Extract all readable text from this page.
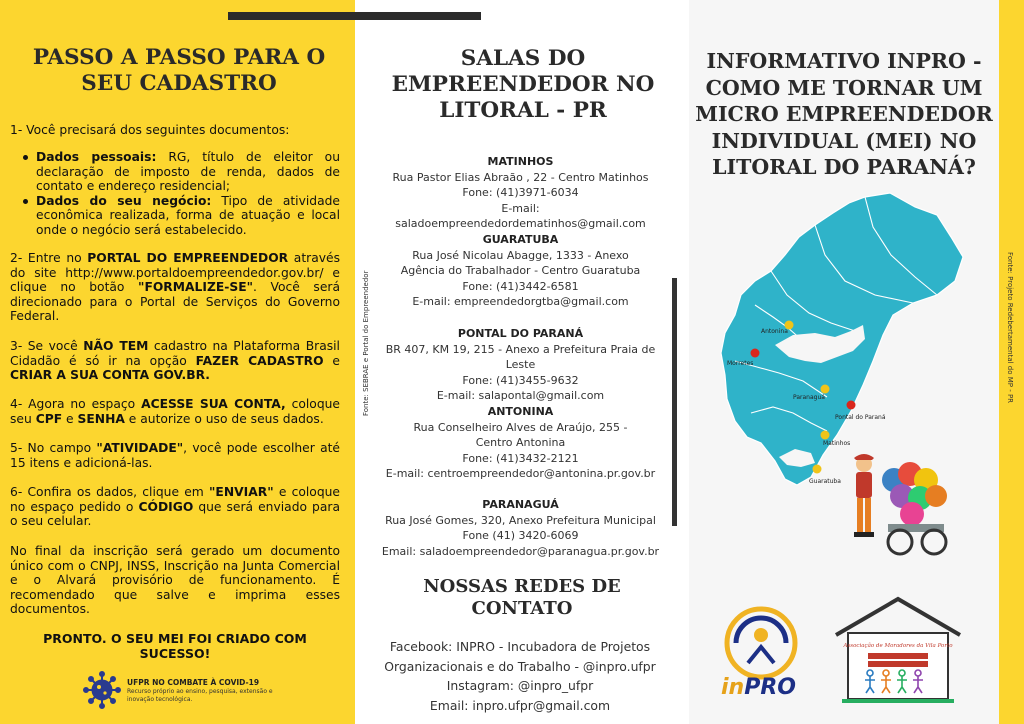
PASSO A PASSO PARA O SEU CADASTRO
1- Você precisará dos seguintes documentos:
Dados pessoais: RG, título de eleitor ou declaração de imposto de renda, dados de contato e endereço residencial;
Dados do seu negócio: Tipo de atividade econômica realizada, forma de atuação e local onde o negócio será estabelecido.
2- Entre no PORTAL DO EMPREENDEDOR através do site http://www.portaldoempreendedor.gov.br/ e clique no botão "FORMALIZE-SE". Você será direcionado para o Portal de Serviços do Governo Federal.
3- Se você NÃO TEM cadastro na Plataforma Brasil Cidadão é só ir na opção FAZER CADASTRO e CRIAR A SUA CONTA GOV.BR.
4- Agora no espaço ACESSE SUA CONTA, coloque seu CPF e SENHA e autorize o uso de seus dados.
5- No campo "ATIVIDADE", você pode escolher até 15 itens e adicioná-las.
6- Confira os dados, clique em "ENVIAR" e coloque no espaço pedido o CÓDIGO que será enviado para o seu celular.
No final da inscrição será gerado um documento único com o CNPJ, INSS, Inscrição na Junta Comercial e o Alvará provisório de funcionamento. É recomendado que salve e imprima esses documentos.
PRONTO. O SEU MEI FOI CRIADO COM SUCESSO!
UFPR NO COMBATE À COVID-19
Recurso próprio ao ensino, pesquisa, extensão e inovação tecnológica.
Fonte: SEBRAE e Portal do Empreendedor	Fonte: Projeto Redebertamental do MP - PR
SALAS DO EMPREENDEDOR NO LITORAL - PR
MATINHOS
Rua Pastor Elias Abraão , 22 - Centro Matinhos
Fone: (41)3971-6034
E-mail: saladoempreendedordematinhos@gmail.com
GUARATUBA
Rua José Nicolau Abagge, 1333 - Anexo Agência do Trabalhador - Centro Guaratuba
Fone: (41)3442-6581
E-mail: empreendedorgtba@gmail.com
PONTAL DO PARANÁ
BR 407, KM 19, 215 - Anexo a Prefeitura Praia de Leste
Fone: (41)3455-9632
E-mail: salapontal@gmail.com
ANTONINA
Rua Conselheiro Alves de Araújo, 255 - Centro Antonina
Fone: (41)3432-2121
E-mail: centroempreendedor@antonina.pr.gov.br
PARANAGUÁ
Rua José Gomes, 320, Anexo Prefeitura Municipal
Fone (41) 3420-6069
Email: saladoempreendedor@paranagua.pr.gov.br
NOSSAS REDES DE CONTATO
Facebook: INPRO - Incubadora de Projetos Organizacionais e do Trabalho - @inpro.ufpr
Instagram: @inpro_ufpr
Email: inpro.ufpr@gmail.com
INFORMATIVO INPRO - COMO ME TORNAR UM MICRO EMPREENDEDOR INDIVIDUAL (MEI) NO LITORAL DO PARANÁ?
Antonina
Morretes
Paranaguá
Pontal do Paraná
Matinhos
Guaratuba
inPRO
Associação de Moradores da Vila Porto
